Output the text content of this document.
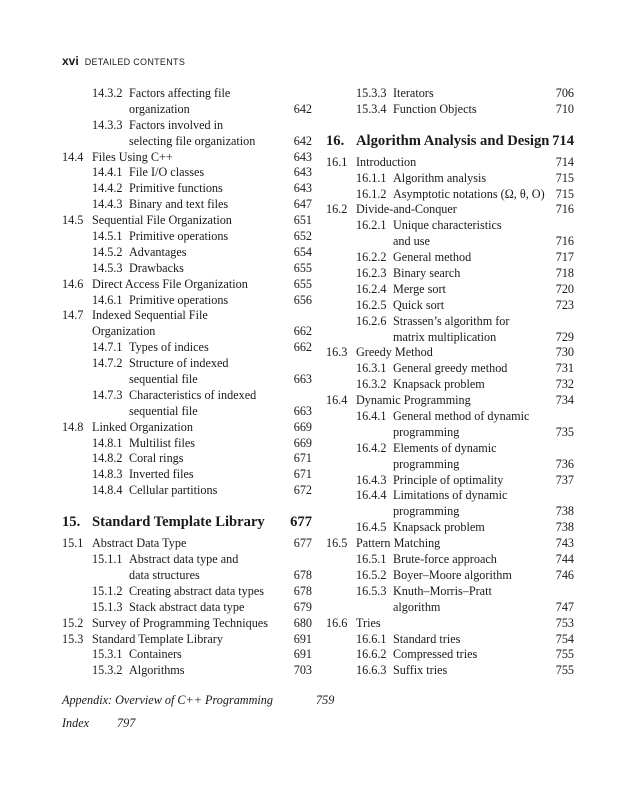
xvi DETAILED CONTENTS
14.3.2 Factors affecting file
organization	642
14.3.3 Factors involved in
selecting file organization	642
14.4 Files Using C++	643
14.4.1 File I/O classes	643
14.4.2 Primitive functions	643
14.4.3 Binary and text files	647
14.5 Sequential File Organization	651
14.5.1 Primitive operations	652
14.5.2 Advantages	654
14.5.3 Drawbacks	655
14.6 Direct Access File Organization	655
14.6.1 Primitive operations	656
14.7 Indexed Sequential File
Organization	662
14.7.1 Types of indices	662
14.7.2 Structure of indexed
sequential file	663
14.7.3 Characteristics of indexed
sequential file	663
14.8 Linked Organization	669
14.8.1 Multilist files	669
14.8.2 Coral rings	671
14.8.3 Inverted files	671
14.8.4 Cellular partitions	672
15. Standard Template Library 677
15.1 Abstract Data Type	677
15.1.1 Abstract data type and
data structures	678
15.1.2 Creating abstract data types 678
15.1.3 Stack abstract data type	679
15.2 Survey of Programming Techniques 680
15.3 Standard Template Library	691
15.3.1 Containers	691
15.3.2 Algorithms	703
15.3.3 Iterators	706
15.3.4 Function Objects	710
16. Algorithm Analysis and Design 714
16.1 Introduction	714
16.1.1 Algorithm analysis	715
16.1.2 Asymptotic notations (Ω, θ, O) 715
16.2 Divide-and-Conquer	716
16.2.1 Unique characteristics
and use	716
16.2.2 General method	717
16.2.3 Binary search	718
16.2.4 Merge sort	720
16.2.5 Quick sort	723
16.2.6 Strassen’s algorithm for
matrix multiplication	729
16.3 Greedy Method	730
16.3.1 General greedy method	731
16.3.2 Knapsack problem	732
16.4 Dynamic Programming	734
16.4.1 General method of dynamic
programming	735
16.4.2 Elements of dynamic
programming	736
16.4.3 Principle of optimality	737
16.4.4 Limitations of dynamic
programming	738
16.4.5 Knapsack problem	738
16.5 Pattern Matching	743
16.5.1 Brute-force approach	744
16.5.2 Boyer–Moore algorithm	746
16.5.3 Knuth–Morris–Pratt
algorithm	747
16.6 Tries	753
16.6.1 Standard tries	754
16.6.2 Compressed tries	755
16.6.3 Suffix tries	755
Appendix: Overview of C++ Programming	759
Index 797
